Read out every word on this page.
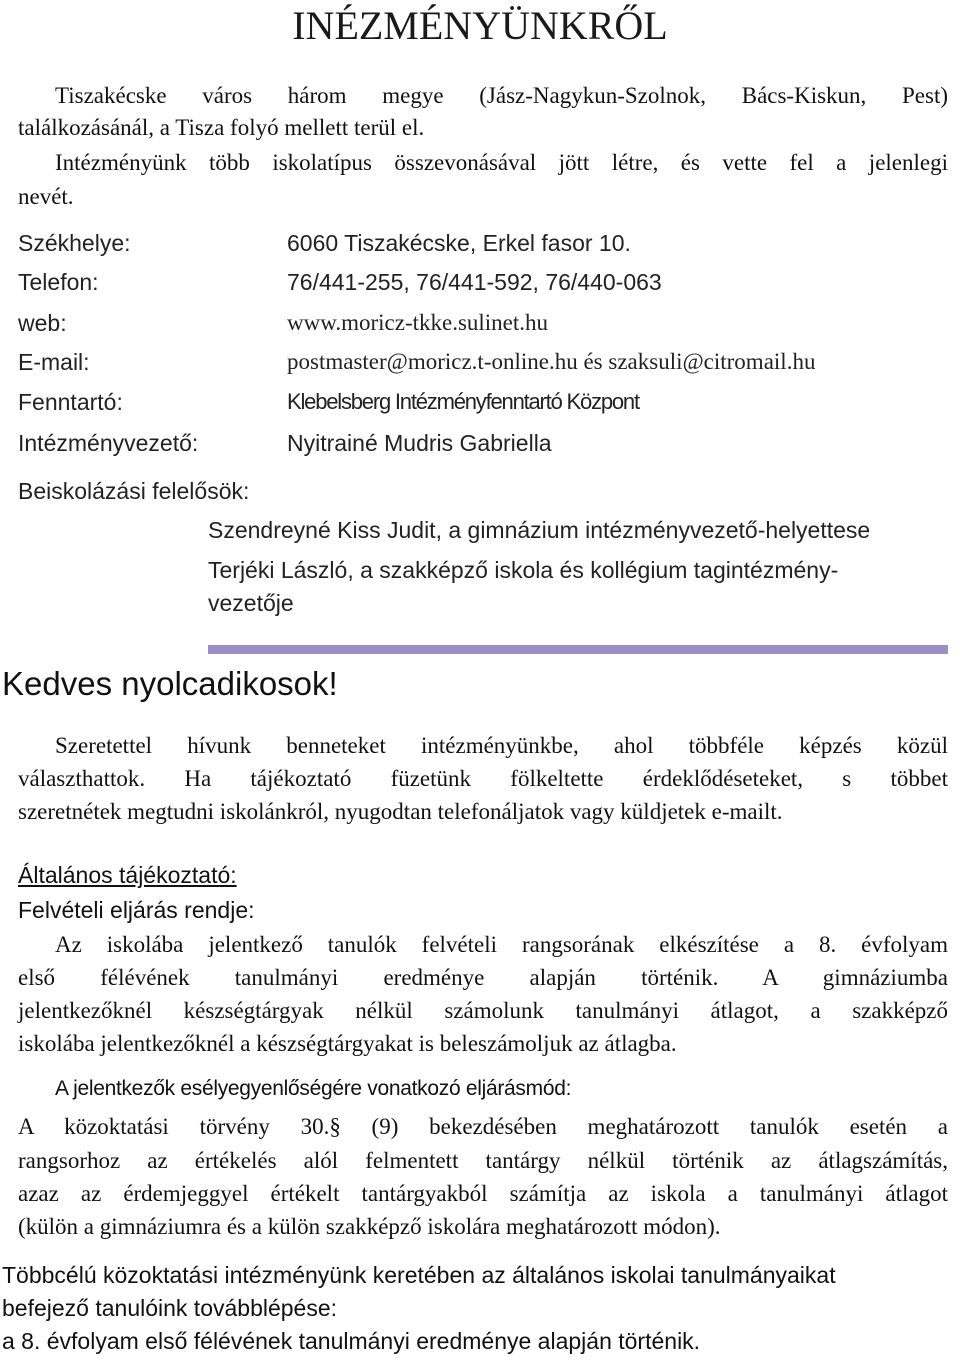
INÉZMÉNYÜNKRŐL
Tiszakécske város három megye (Jász-Nagykun-Szolnok, Bács-Kiskun, Pest)
találkozásánál, a Tisza folyó mellett terül el.
Intézményünk több iskolatípus összevonásával jött létre, és vette fel a jelenlegi
nevét.
Székhelye:	6060 Tiszakécske, Erkel fasor 10.
Telefon:	76/441-255, 76/441-592, 76/440-063
web:	www.moricz-tkke.sulinet.hu
E-mail:	postmaster@moricz.t-online.hu és szaksuli@citromail.hu
Fenntartó:	Klebelsberg Intézményfenntartó Központ
Intézményvezető:	Nyitrainé Mudris Gabriella
Beiskolázási felelősök:
Szendreyné Kiss Judit, a gimnázium intézményvezető-helyettese
Terjéki László, a szakképző iskola és kollégium tagintézmény-
vezetője
Kedves nyolcadikosok!
Szeretettel hívunk benneteket intézményünkbe, ahol többféle képzés közül
választhattok. Ha tájékoztató füzetünk fölkeltette érdeklődéseteket, s többet
szeretnétek megtudni iskolánkról, nyugodtan telefonáljatok vagy küldjetek e-mailt.
Általános tájékoztató:
Felvételi eljárás rendje:
Az iskolába jelentkező tanulók felvételi rangsorának elkészítése a 8. évfolyam
első félévének tanulmányi eredménye alapján történik. A gimnáziumba
jelentkezőknél készségtárgyak nélkül számolunk tanulmányi átlagot, a szakképző
iskolába jelentkezőknél a készségtárgyakat is beleszámoljuk az átlagba.
A jelentkezők esélyegyenlőségére vonatkozó eljárásmód:
A közoktatási törvény 30.§ (9) bekezdésében meghatározott tanulók esetén a
rangsorhoz az értékelés alól felmentett tantárgy nélkül történik az átlagszámítás,
azaz az érdemjeggyel értékelt tantárgyakból számítja az iskola a tanulmányi átlagot
(külön a gimnáziumra és a külön szakképző iskolára meghatározott módon).
Többcélú közoktatási intézményünk keretében az általános iskolai tanulmányaikat
befejező tanulóink továbblépése:
a 8. évfolyam első félévének tanulmányi eredménye alapján történik.
